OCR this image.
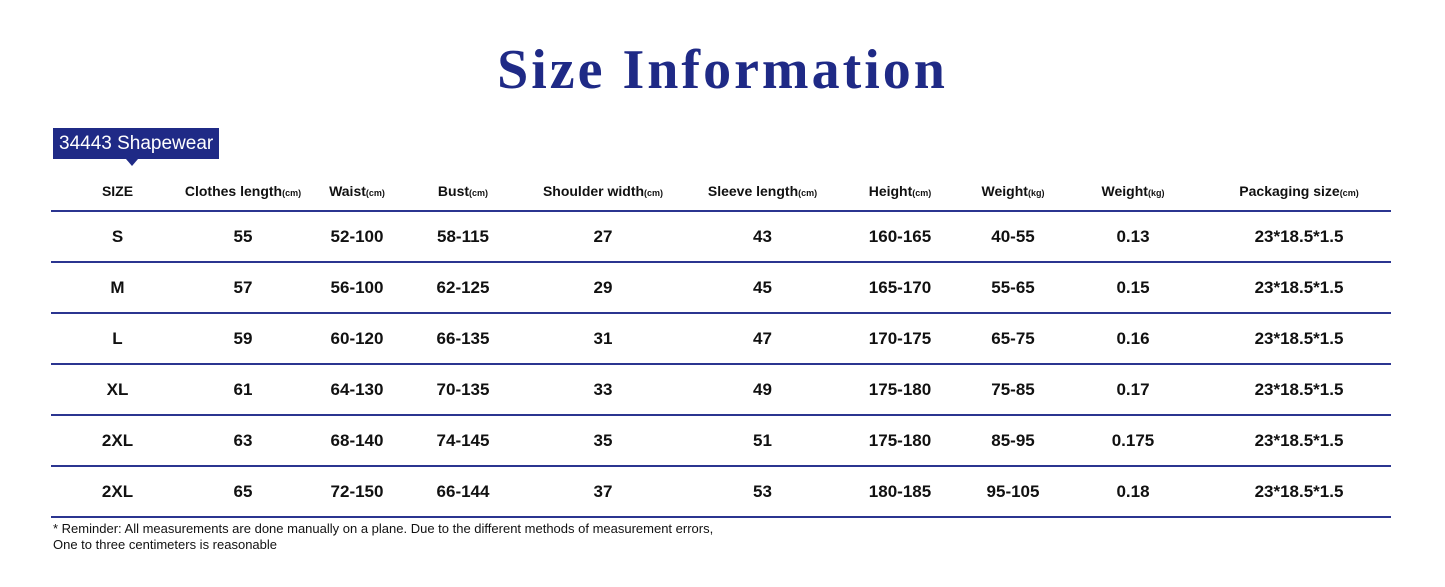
Size Information
34443 Shapewear
SIZE	Clothes length(cm)	Waist(cm)	Bust(cm)	Shoulder width(cm)	Sleeve length(cm)	Height(cm)	Weight(kg)	Weight(kg)	Packaging size(cm)
S	55	52-100	58-115	27	43	160-165	40-55	0.13	23*18.5*1.5
M	57	56-100	62-125	29	45	165-170	55-65	0.15	23*18.5*1.5
L	59	60-120	66-135	31	47	170-175	65-75	0.16	23*18.5*1.5
XL	61	64-130	70-135	33	49	175-180	75-85	0.17	23*18.5*1.5
2XL	63	68-140	74-145	35	51	175-180	85-95	0.175	23*18.5*1.5
2XL	65	72-150	66-144	37	53	180-185	95-105	0.18	23*18.5*1.5
* Reminder: All measurements are done manually on a plane. Due to the different methods of measurement errors,
One to three centimeters is reasonable
